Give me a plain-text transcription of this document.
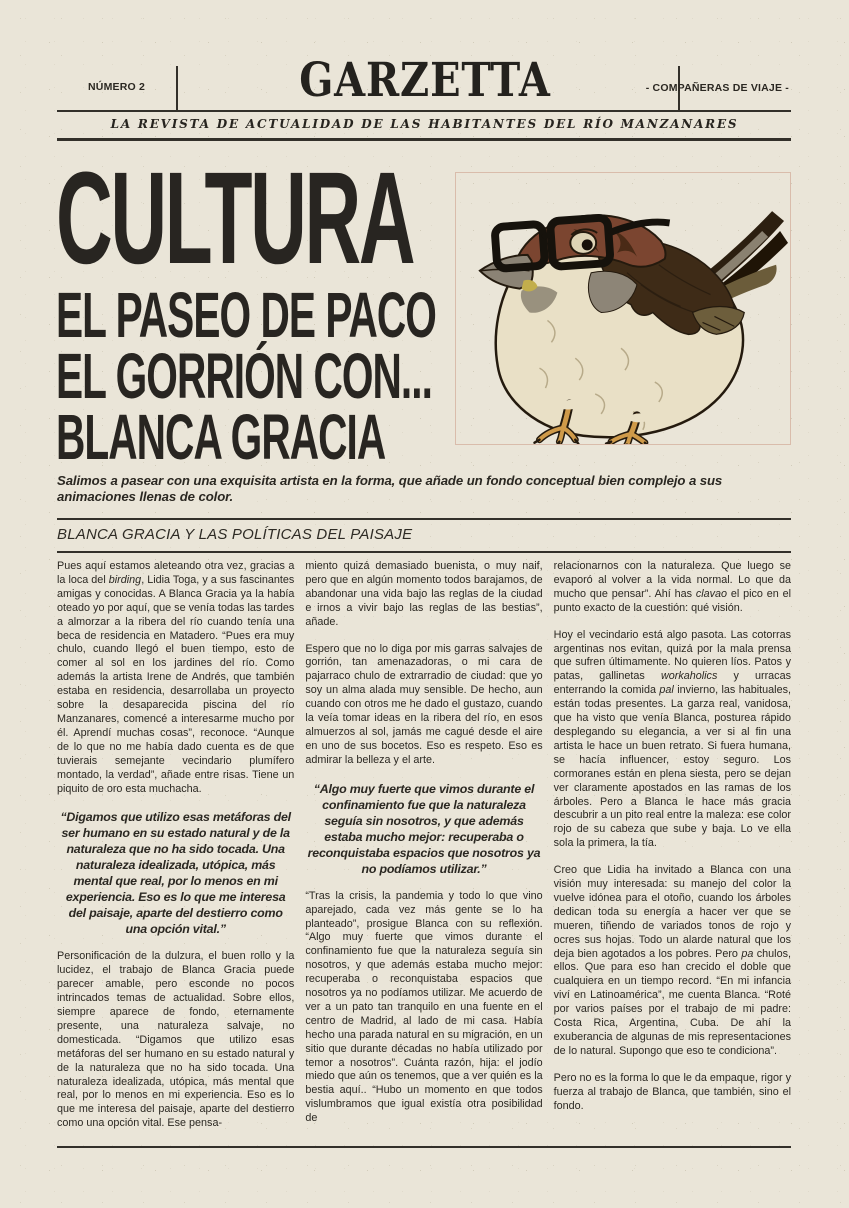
NÚMERO 2	GARZETTA	- COMPAÑERAS DE VIAJE -
LA REVISTA DE ACTUALIDAD DE LAS HABITANTES DEL RÍO MANZANARES
CULTURA
EL PASEO DE PACO
EL GORRIÓN CON...
BLANCA GRACIA

Salimos a pasear con una exquisita artista en la forma, que añade un fondo conceptual bien complejo a sus animaciones llenas de color.

BLANCA GRACIA Y LAS POLÍTICAS DEL PAISAJE

Pues aquí estamos aleteando otra vez, gracias a la loca del birding, Lidia Toga, y a sus fascinantes amigas y conocidas. A Blanca Gracia ya la había oteado yo por aquí, que se venía todas las tardes a almorzar a la ribera del río cuando tenía una beca de residencia en Matadero. “Pues era muy chulo, cuando llegó el buen tiempo, esto de comer al sol en los jardines del río. Como además la artista Irene de Andrés, que también estaba en residencia, desarrollaba un proyecto sobre la desaparecida piscina del río Manzanares, comencé a interesarme mucho por él. Aprendí muchas cosas”, reconoce. “Aunque de lo que no me había dado cuenta es de que tuvierais semejante vecindario plumífero montado, la verdad”, añade entre risas. Tiene un piquito de oro esta muchacha.

“Digamos que utilizo esas metáforas del ser humano en su estado natural y de la naturaleza que no ha sido tocada. Una naturaleza idealizada, utópica, más mental que real, por lo menos en mi experiencia. Eso es lo que me interesa del paisaje, aparte del destierro como una opción vital.”

Personificación de la dulzura, el buen rollo y la lucidez, el trabajo de Blanca Gracia puede parecer amable, pero esconde no pocos intrincados temas de actualidad. Sobre ellos, siempre aparece de fondo, eternamente presente, una naturaleza salvaje, no domesticada. “Digamos que utilizo esas metáforas del ser humano en su estado natural y de la naturaleza que no ha sido tocada. Una naturaleza idealizada, utópica, más mental que real, por lo menos en mi experiencia. Eso es lo que me interesa del paisaje, aparte del destierro como una opción vital. Ese pensa-

miento quizá demasiado buenista, o muy naif, pero que en algún momento todos barajamos, de abandonar una vida bajo las reglas de la ciudad e irnos a vivir bajo las reglas de las bestias”, añade.

Espero que no lo diga por mis garras salvajes de gorrión, tan amenazadoras, o mi cara de pajarraco chulo de extrarradio de ciudad: que yo soy un alma alada muy sensible. De hecho, aun cuando con otros me he dado el gustazo, cuando la veía tomar ideas en la ribera del río, en esos almuerzos al sol, jamás me cagué desde el aire en uno de sus bocetos. Eso es respeto. Eso es admirar la belleza y el arte.

“Algo muy fuerte que vimos durante el confinamiento fue que la naturaleza seguía sin nosotros, y que además estaba mucho mejor: recuperaba o reconquistaba espacios que nosotros ya no podíamos utilizar.”

“Tras la crisis, la pandemia y todo lo que vino aparejado, cada vez más gente se lo ha planteado”, prosigue Blanca con su reflexión. “Algo muy fuerte que vimos durante el confinamiento fue que la naturaleza seguía sin nosotros, y que además estaba mucho mejor: recuperaba o reconquistaba espacios que nosotros ya no podíamos utilizar. Me acuerdo de ver a un pato tan tranquilo en una fuente en el centro de Madrid, al lado de mi casa. Había hecho una parada natural en su migración, en un sitio que durante décadas no había utilizado por temor a nosotros”. Cuánta razón, hija: el jodío miedo que aún os tenemos, que a ver quién es la bestia aquí.. “Hubo un momento en que todos vislumbramos que igual existía otra posibilidad de

relacionarnos con la naturaleza. Que luego se evaporó al volver a la vida normal. Lo que da mucho que pensar”. Ahí has clavao el pico en el punto exacto de la cuestión: qué visión.

Hoy el vecindario está algo pasota. Las cotorras argentinas nos evitan, quizá por la mala prensa que sufren últimamente. No quieren líos. Patos y patas, gallinetas workaholics y urracas enterrando la comida pal invierno, las habituales, están todas presentes. La garza real, vanidosa, que ha visto que venía Blanca, posturea rápido desplegando su elegancia, a ver si al fin una artista le hace un buen retrato. Si fuera humana, se hacía influencer, estoy seguro. Los cormoranes están en plena siesta, pero se dejan ver claramente apostados en las ramas de los árboles. Pero a Blanca le hace más gracia descubrir a un pito real entre la maleza: ese color rojo de su cabeza que sube y baja. Lo ve ella sola la primera, la tía.

Creo que Lidia ha invitado a Blanca con una visión muy interesada: su manejo del color la vuelve idónea para el otoño, cuando los árboles dedican toda su energía a hacer ver que se mueren, tiñendo de variados tonos de rojo y ocres sus hojas. Todo un alarde natural que los deja bien agotados a los pobres. Pero pa chulos, ellos. Que para eso han crecido el doble que cualquiera en un tiempo record. “En mi infancia viví en Latinoamérica”, me cuenta Blanca. “Roté por varios países por el trabajo de mi padre: Costa Rica, Argentina, Cuba. De ahí la exuberancia de algunas de mis representaciones de lo natural. Supongo que eso te condiciona”.

Pero no es la forma lo que le da empaque, rigor y fuerza al trabajo de Blanca, que también, sino el fondo.
